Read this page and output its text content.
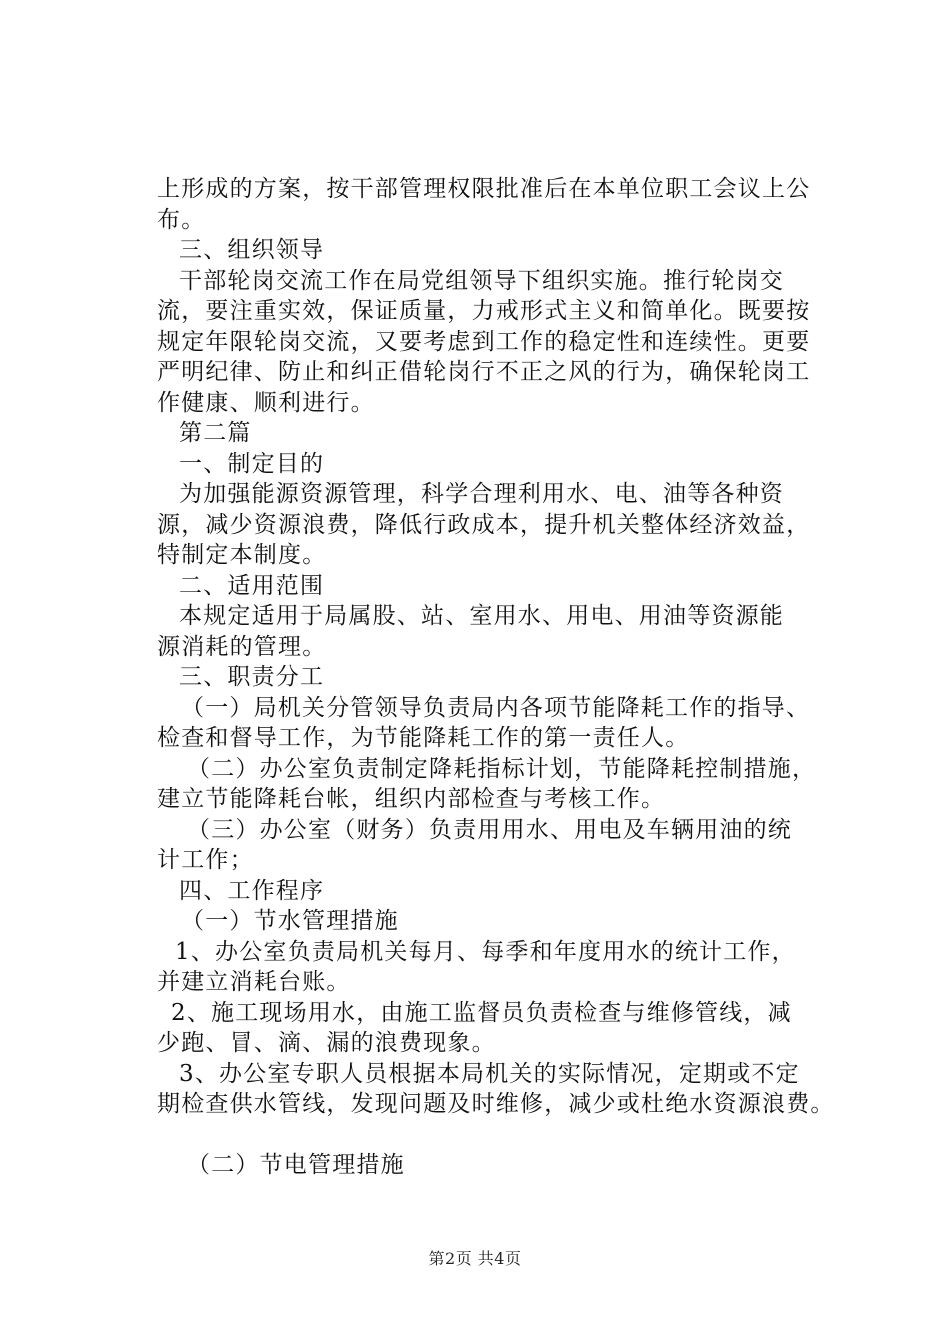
上形成的方案，按干部管理权限批准后在本单位职工会议上公

布。

三、组织领导

干部轮岗交流工作在局党组领导下组织实施。推行轮岗交

流，要注重实效，保证质量，力戒形式主义和简单化。既要按

规定年限轮岗交流，又要考虑到工作的稳定性和连续性。更要

严明纪律、防止和纠正借轮岗行不正之风的行为，确保轮岗工

作健康、顺利进行。

第二篇

一、制定目的

为加强能源资源管理，科学合理利用水、电、油等各种资

源，减少资源浪费，降低行政成本，提升机关整体经济效益，

特制定本制度。

二、适用范围

本规定适用于局属股、站、室用水、用电、用油等资源能

源消耗的管理。

三、职责分工

（一）局机关分管领导负责局内各项节能降耗工作的指导、

检查和督导工作，为节能降耗工作的第一责任人。

（二）办公室负责制定降耗指标计划，节能降耗控制措施，

建立节能降耗台帐，组织内部检查与考核工作。

（三）办公室（财务）负责用用水、用电及车辆用油的统

计工作；

四、工作程序

（一）节水管理措施

1、办公室负责局机关每月、每季和年度用水的统计工作，

并建立消耗台账。

2、施工现场用水，由施工监督员负责检查与维修管线，减

少跑、冒、滴、漏的浪费现象。

3、办公室专职人员根据本局机关的实际情况，定期或不定

期检查供水管线，发现问题及时维修，减少或杜绝水资源浪费。

（二）节电管理措施

第2页 共4页
